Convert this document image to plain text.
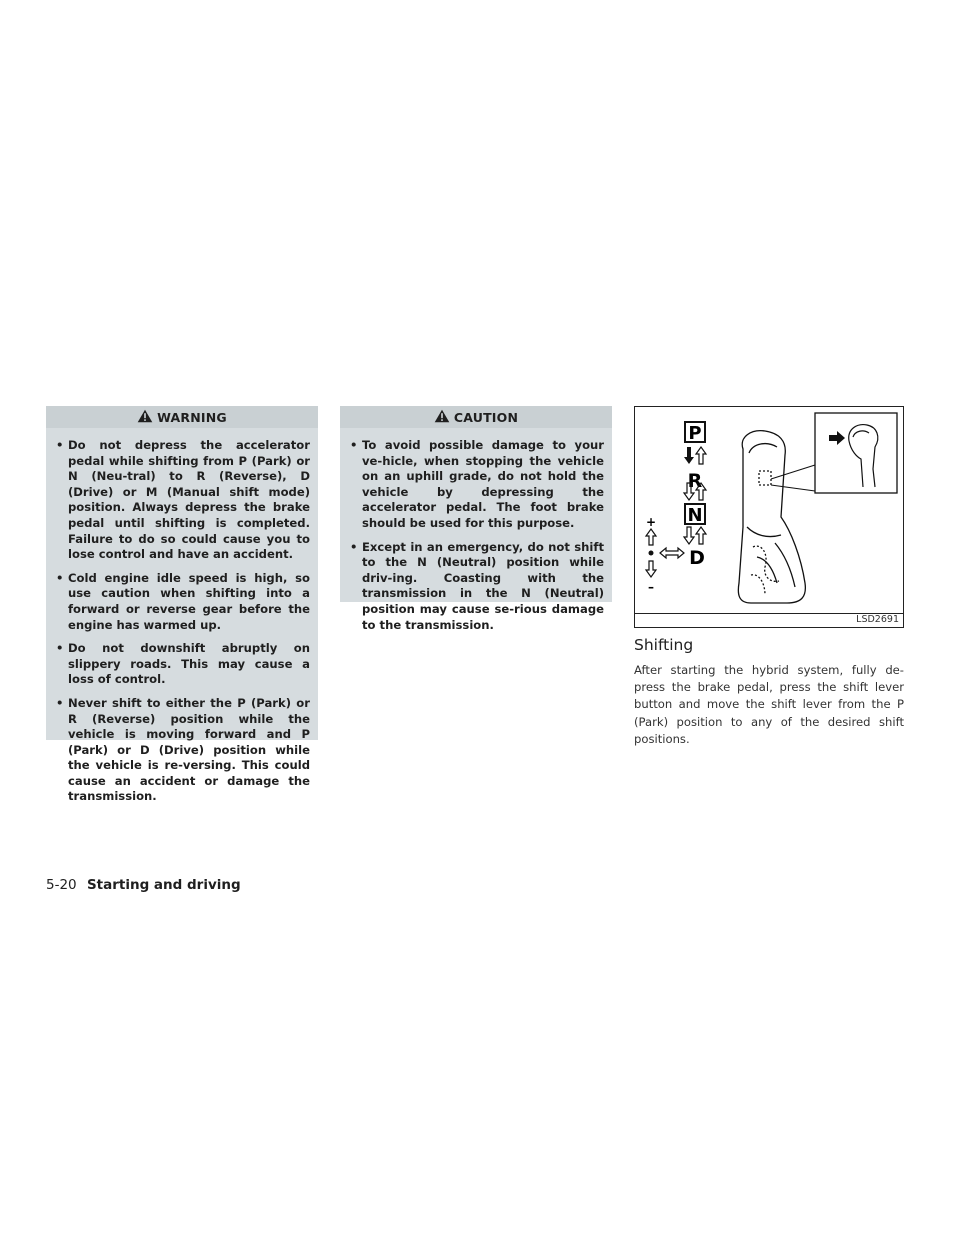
WARNING
• Do not depress the accelerator pedal while shifting from P (Park) or N (Neu-tral) to R (Reverse), D (Drive) or M (Manual shift mode) position. Always depress the brake pedal until shifting is completed. Failure to do so could cause you to lose control and have an accident.
• Cold engine idle speed is high, so use caution when shifting into a forward or reverse gear before the engine has warmed up.
• Do not downshift abruptly on slippery roads. This may cause a loss of control.
• Never shift to either the P (Park) or R (Reverse) position while the vehicle is moving forward and P (Park) or D (Drive) position while the vehicle is re-versing. This could cause an accident or damage the transmission.
CAUTION
• To avoid possible damage to your ve-hicle, when stopping the vehicle on an uphill grade, do not hold the vehicle by depressing the accelerator pedal. The foot brake should be used for this purpose.
• Except in an emergency, do not shift to the N (Neutral) position while driv-ing. Coasting with the transmission in the N (Neutral) position may cause se-rious damage to the transmission.
P
R
N
D
+
–
LSD2691
Shifting

After starting the hybrid system, fully de-press the brake pedal, press the shift lever button and move the shift lever from the P (Park) position to any of the desired shift positions.

5-20 Starting and driving
